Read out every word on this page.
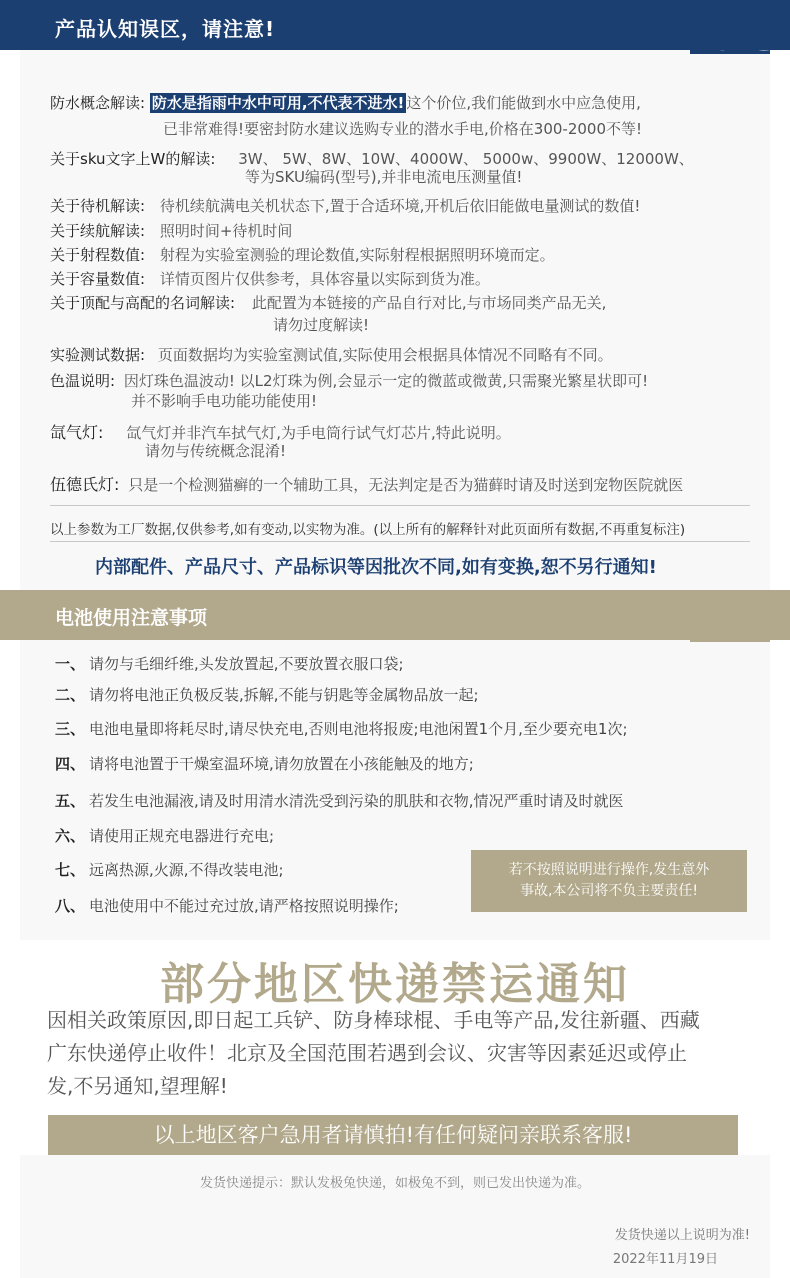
产品认知误区，请注意!
防水概念解读: 防水是指雨中水中可用,不代表不进水! 这个价位,我们能做到水中应急使用,
已非常难得!要密封防水建议选购专业的潜水手电,价格在300-2000不等!
关于sku文字上W的解读: 3W、 5W、8W、10W、4000W、 5000w、9900W、12000W、
等为SKU编码(型号),并非电流电压测量值!
关于待机解读: 待机续航满电关机状态下,置于合适环境,开机后依旧能做电量测试的数值!
关于续航解读: 照明时间+待机时间
关于射程数值: 射程为实验室测验的理论数值,实际射程根据照明环境而定。
关于容量数值: 详情页图片仅供参考，具体容量以实际到货为准。
关于顶配与高配的名词解读: 此配置为本链接的产品自行对比,与市场同类产品无关,
请勿过度解读!
实验测试数据: 页面数据均为实验室测试值,实际使用会根据具体情况不同略有不同。
色温说明: 因灯珠色温波动! 以L2灯珠为例,会显示一定的微蓝或微黄,只需聚光繁星状即可!
并不影响手电功能功能使用!
氙气灯: 氙气灯并非汽车拭气灯,为手电筒行试气灯芯片,特此说明。
请勿与传统概念混淆!
伍德氏灯: 只是一个检测猫癣的一个辅助工具，无法判定是否为猫藓时请及时送到宠物医院就医
以上参数为工厂数据,仅供参考,如有变动,以实物为准。(以上所有的解释针对此页面所有数据,不再重复标注)
内部配件、产品尺寸、产品标识等因批次不同,如有变换,恕不另行通知!
电池使用注意事项
一、 请勿与毛细纤维,头发放置起,不要放置衣服口袋;
二、 请勿将电池正负极反装,拆解,不能与钥匙等金属物品放一起;
三、 电池电量即将耗尽时,请尽快充电,否则电池将报废;电池闲置1个月,至少要充电1次;
四、 请将电池置于干燥室温环境,请勿放置在小孩能触及的地方;
五、 若发生电池漏液,请及时用清水清洗受到污染的肌肤和衣物,情况严重时请及时就医
六、 请使用正规充电器进行充电;
七、 远离热源,火源,不得改装电池;
八、 电池使用中不能过充过放,请严格按照说明操作;
若不按照说明进行操作,发生意外
事故,本公司将不负主要责任!
部分地区快递禁运通知
因相关政策原因,即日起工兵铲、防身棒球棍、手电等产品,发往新疆、西藏
广东快递停止收件！北京及全国范围若遇到会议、灾害等因素延迟或停止
发,不另通知,望理解!
以上地区客户急用者请慎拍!有任何疑问亲联系客服!
发货快递提示：默认发极兔快递，如极兔不到，则已发出快递为准。
发货快递以上说明为准!
2022年11月19日
